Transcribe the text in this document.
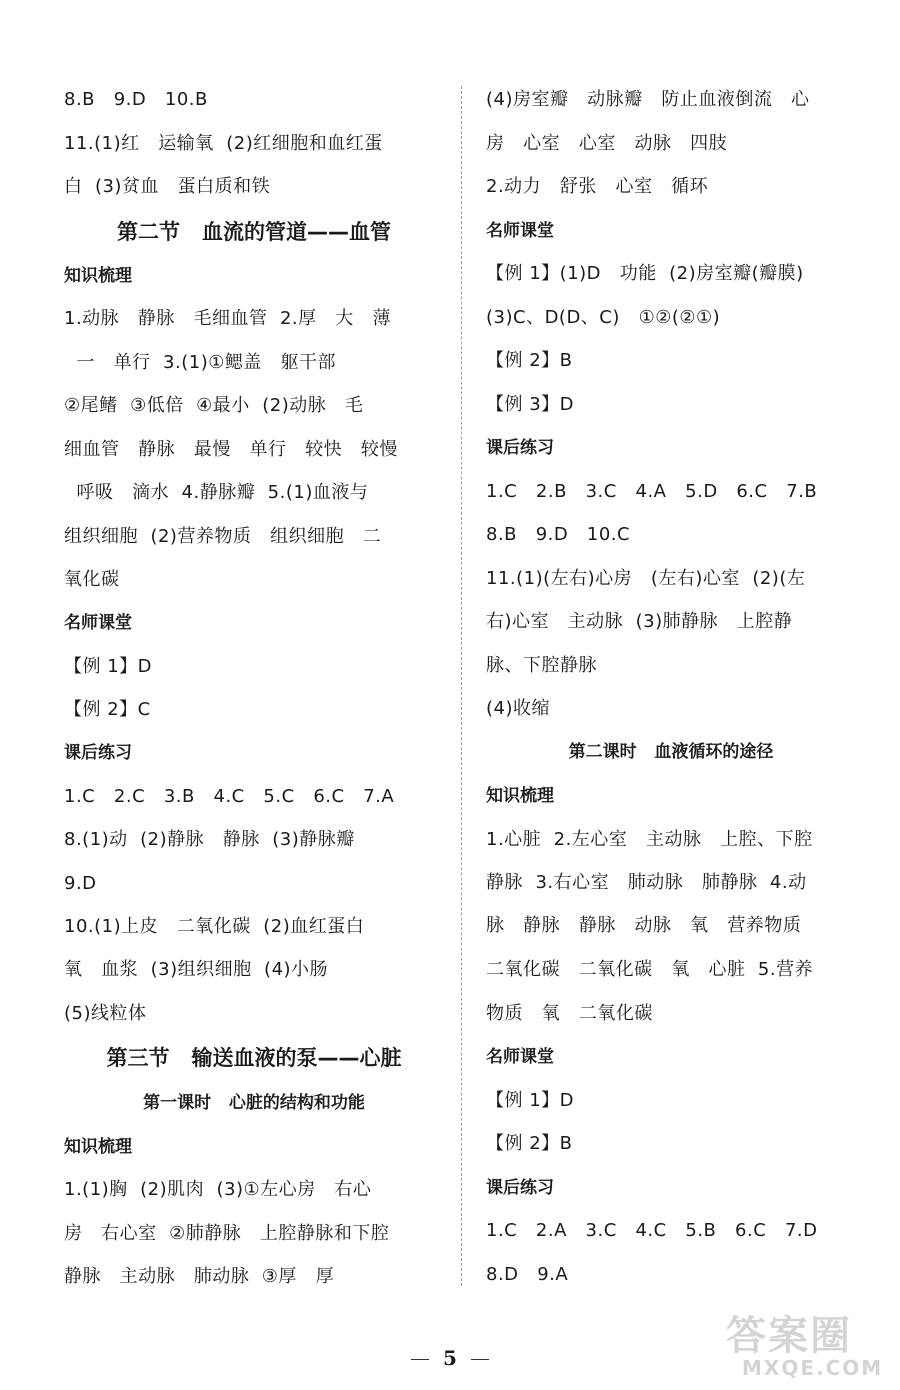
8.B   9.D   10.B
11.(1)红   运输氧  (2)红细胞和血红蛋
白  (3)贫血   蛋白质和铁
第二节   血流的管道——血管
知识梳理
1.动脉   静脉   毛细血管  2.厚   大   薄
一   单行  3.(1)①鳃盖   躯干部
②尾鳍  ③低倍  ④最小  (2)动脉   毛
细血管   静脉   最慢   单行   较快   较慢
呼吸   滴水  4.静脉瓣  5.(1)血液与
组织细胞  (2)营养物质   组织细胞   二
氧化碳
名师课堂
【例 1】D
【例 2】C
课后练习
1.C   2.C   3.B   4.C   5.C   6.C   7.A
8.(1)动  (2)静脉   静脉  (3)静脉瓣
9.D
10.(1)上皮   二氧化碳  (2)血红蛋白
氧   血浆  (3)组织细胞  (4)小肠
(5)线粒体
第三节   输送血液的泵——心脏
第一课时   心脏的结构和功能
知识梳理
1.(1)胸  (2)肌肉  (3)①左心房   右心
房   右心室  ②肺静脉   上腔静脉和下腔
静脉   主动脉   肺动脉  ③厚   厚
(4)房室瓣   动脉瓣   防止血液倒流   心
房   心室   心室   动脉   四肢
2.动力   舒张   心室   循环
名师课堂
【例 1】(1)D   功能  (2)房室瓣(瓣膜)
(3)C、D(D、C)   ①②(②①)
【例 2】B
【例 3】D
课后练习
1.C   2.B   3.C   4.A   5.D   6.C   7.B
8.B   9.D   10.C
11.(1)(左右)心房   (左右)心室  (2)(左
右)心室   主动脉  (3)肺静脉   上腔静
脉、下腔静脉
(4)收缩
第二课时   血液循环的途径
知识梳理
1.心脏  2.左心室   主动脉   上腔、下腔
静脉  3.右心室   肺动脉   肺静脉  4.动
脉   静脉   静脉   动脉   氧   营养物质
二氧化碳   二氧化碳   氧   心脏  5.营养
物质   氧   二氧化碳
名师课堂
【例 1】D
【例 2】B
课后练习
1.C   2.A   3.C   4.C   5.B   6.C   7.D
8.D   9.A
5	答案圈
MXQE.COM
